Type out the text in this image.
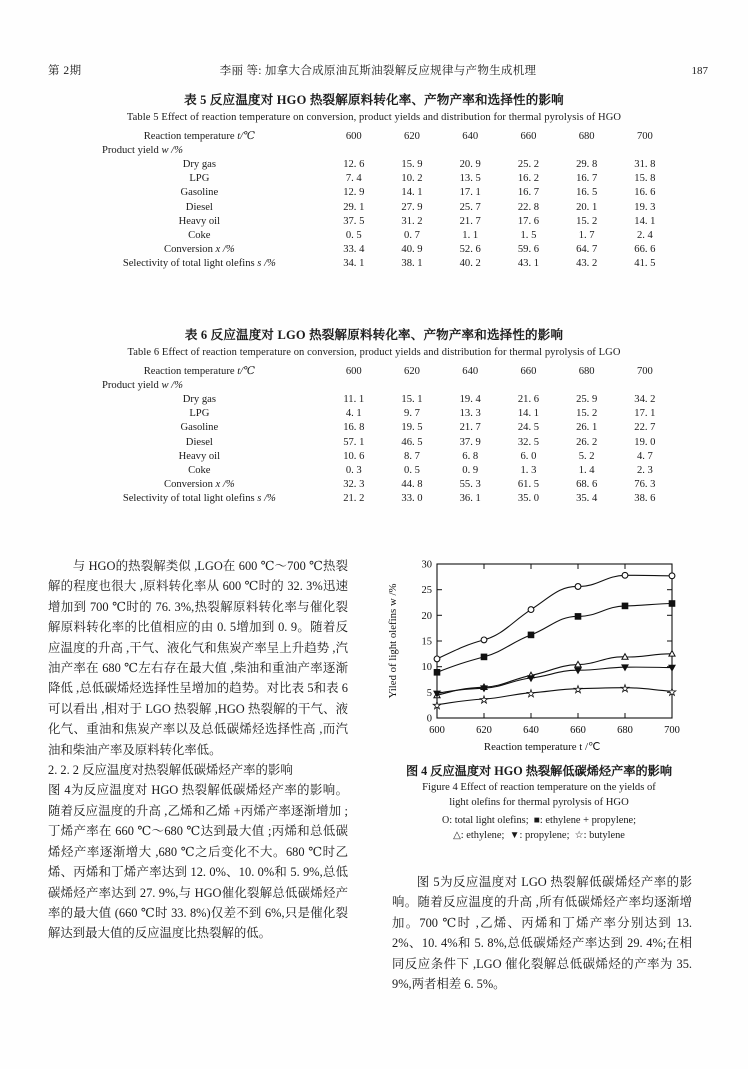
李丽 等: 加拿大合成原油瓦斯油裂解反应规律与产物生成机理
第 2期	187
表 5 反应温度对 HGO 热裂解原料转化率、产物产率和选择性的影响
Table 5 Effect of reaction temperature on conversion, product yields and distribution for thermal pyrolysis of HGO
Reaction temperature t/℃	600	620	640	660	680	700
Product yield w /%						
Dry gas	12. 6	15. 9	20. 9	25. 2	29. 8	31. 8
LPG	7. 4	10. 2	13. 5	16. 2	16. 7	15. 8
Gasoline	12. 9	14. 1	17. 1	16. 7	16. 5	16. 6
Diesel	29. 1	27. 9	25. 7	22. 8	20. 1	19. 3
Heavy oil	37. 5	31. 2	21. 7	17. 6	15. 2	14. 1
Coke	0. 5	0. 7	1. 1	1. 5	1. 7	2. 4
Conversion x /%	33. 4	40. 9	52. 6	59. 6	64. 7	66. 6
Selectivity of total light olefins s /%	34. 1	38. 1	40. 2	43. 1	43. 2	41. 5
表 6 反应温度对 LGO 热裂解原料转化率、产物产率和选择性的影响
Table 6 Effect of reaction temperature on conversion, product yields and distribution for thermal pyrolysis of LGO
Reaction temperature t/℃	600	620	640	660	680	700
Product yield w /%						
Dry gas	11. 1	15. 1	19. 4	21. 6	25. 9	34. 2
LPG	4. 1	9. 7	13. 3	14. 1	15. 2	17. 1
Gasoline	16. 8	19. 5	21. 7	24. 5	26. 1	22. 7
Diesel	57. 1	46. 5	37. 9	32. 5	26. 2	19. 0
Heavy oil	10. 6	8. 7	6. 8	6. 0	5. 2	4. 7
Coke	0. 3	0. 5	0. 9	1. 3	1. 4	2. 3
Conversion x /%	32. 3	44. 8	55. 3	61. 5	68. 6	76. 3
Selectivity of total light olefins s /%	21. 2	33. 0	36. 1	35. 0	35. 4	38. 6

与 HGO的热裂解类似 ,LGO在 600 ℃～700 ℃热裂解的程度也很大 ,原料转化率从 600 ℃时的 32. 3%迅速增加到 700 ℃时的 76. 3%,热裂解原料转化率与催化裂解原料转化率的比值相应的由 0. 5增加到 0. 9。随着反应温度的升高 ,干气、液化气和焦炭产率呈上升趋势 ,汽油产率在 680 ℃左右存在最大值 ,柴油和重油产率逐渐降低 ,总低碳烯烃选择性呈增加的趋势。对比表 5和表 6可以看出 ,相对于 LGO 热裂解 ,HGO 热裂解的干气、液化气、重油和焦炭产率以及总低碳烯烃选择性高 ,而汽油和柴油产率及原料转化率低。

2. 2. 2 反应温度对热裂解低碳烯烃产率的影响

图 4为反应温度对 HGO 热裂解低碳烯烃产率的影响。随着反应温度的升高 ,乙烯和乙烯 +丙烯产率逐渐增加 ;丁烯产率在 660 ℃～680 ℃达到最大值 ;丙烯和总低碳烯烃产率逐渐增大 ,680 ℃之后变化不大。680 ℃时乙烯、丙烯和丁烯产率达到 12. 0%、10. 0%和 5. 9%,总低碳烯烃产率达到 27. 9%,与 HGO催化裂解总低碳烯烃产率的最大值 (660 ℃时 33. 8%)仅差不到 6%,只是催化裂解达到最大值的反应温度比热裂解的低。

0
5
10
15
20
25
30
600	620	640	660	680	700
Reaction temperature t /℃
Yiled of light olefins w /%
图 4 反应温度对 HGO 热裂解低碳烯烃产率的影响
Figure 4 Effect of reaction temperature on the yields of
light olefins for thermal pyrolysis of HGO
O: total light olefins;  ■: ethylene + propylene;
△: ethylene;  ▼: propylene;  ☆: butylene

图 5为反应温度对 LGO 热裂解低碳烯烃产率的影响。随着反应温度的升高 ,所有低碳烯烃产率均逐渐增加。700 ℃时 ,乙烯、丙烯和丁烯产率分别达到 13. 2%、10. 4%和 5. 8%,总低碳烯烃产率达到 29. 4%;在相同反应条件下 ,LGO 催化裂解总低碳烯烃的产率为 35. 9%,两者相差 6. 5%。
